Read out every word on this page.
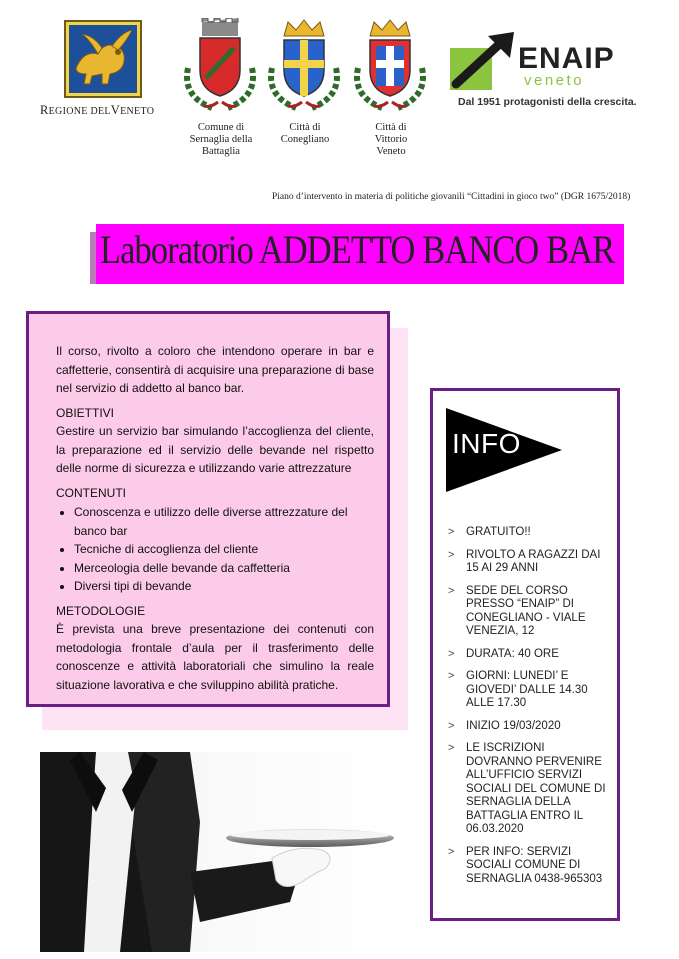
REGIONE DELVENETO
Comune di
Sernaglia della
Battaglia
Città di
Conegliano
Città di
Vittorio
Veneto
ENAIP
veneto
Dal 1951 protagonisti della crescita.
Piano d’intervento in materia di politiche giovanili “Cittadini in gioco two” (DGR 1675/2018)
Laboratorio ADDETTO BANCO BAR

Il corso, rivolto a coloro che intendono operare in bar e caffetterie, consentirà di acquisire una preparazione di base nel servizio di addetto al banco bar.

OBIETTIVI

Gestire un servizio bar simulando l’accoglienza del cliente, la preparazione ed il servizio delle bevande nel rispetto delle norme di sicurezza e utilizzando varie attrezzature

CONTENUTI
• Conoscenza e utilizzo delle diverse attrezzature del banco bar
• Tecniche di accoglienza del cliente
• Merceologia delle bevande da caffetteria
• Diversi tipi di bevande
METODOLOGIE

È prevista una breve presentazione dei contenuti con metodologia frontale d’aula per il trasferimento delle conoscenze e attività laboratoriali che simulino la reale situazione lavorativa e che sviluppino abilità pratiche.

INFO
> GRATUITO!!
> RIVOLTO A RAGAZZI DAI 15 AI 29 ANNI
> SEDE DEL CORSO PRESSO “ENAIP” DI CONEGLIANO - VIALE VENEZIA, 12
> DURATA: 40 ORE
> GIORNI: LUNEDI’ E GIOVEDI’ DALLE 14.30 ALLE 17.30
> INIZIO 19/03/2020
> LE ISCRIZIONI DOVRANNO PERVENIRE ALL’UFFICIO SERVIZI SOCIALI DEL COMUNE DI SERNAGLIA DELLA BATTAGLIA ENTRO IL 06.03.2020
> PER INFO: SERVIZI SOCIALI COMUNE DI SERNAGLIA 0438-965303
